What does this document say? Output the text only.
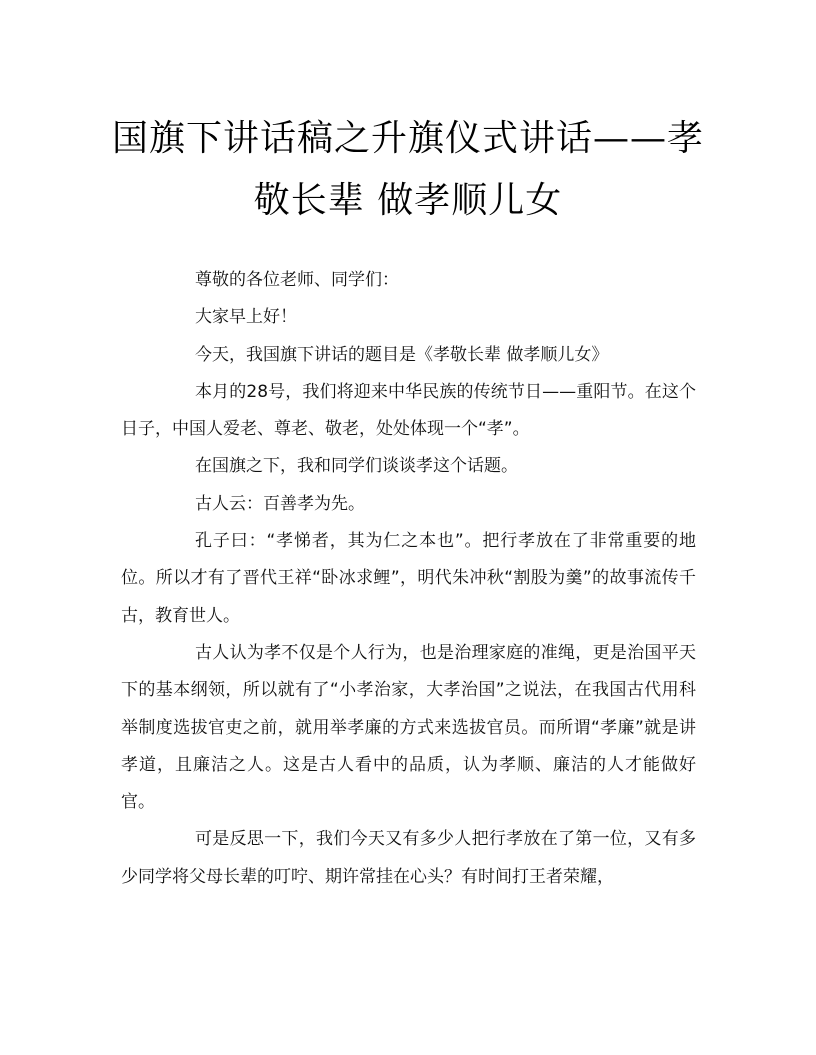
国旗下讲话稿之升旗仪式讲话——孝
敬长辈 做孝顺儿女

尊敬的各位老师、同学们：

大家早上好！

今天，我国旗下讲话的题目是《孝敬长辈 做孝顺儿女》

本月的28号，我们将迎来中华民族的传统节日——重阳节。在这个日子，中国人爱老、尊老、敬老，处处体现一个“孝”。

在国旗之下，我和同学们谈谈孝这个话题。

古人云：百善孝为先。

孔子曰：“孝悌者，其为仁之本也”。把行孝放在了非常重要的地位。所以才有了晋代王祥“卧冰求鲤”，明代朱冲秋“割股为羹”的故事流传千古，教育世人。

古人认为孝不仅是个人行为，也是治理家庭的准绳，更是治国平天下的基本纲领，所以就有了“小孝治家，大孝治国”之说法，在我国古代用科举制度选拔官吏之前，就用举孝廉的方式来选拔官员。而所谓“孝廉”就是讲孝道，且廉洁之人。这是古人看中的品质，认为孝顺、廉洁的人才能做好官。

可是反思一下，我们今天又有多少人把行孝放在了第一位，又有多少同学将父母长辈的叮咛、期许常挂在心头？有时间打王者荣耀，
